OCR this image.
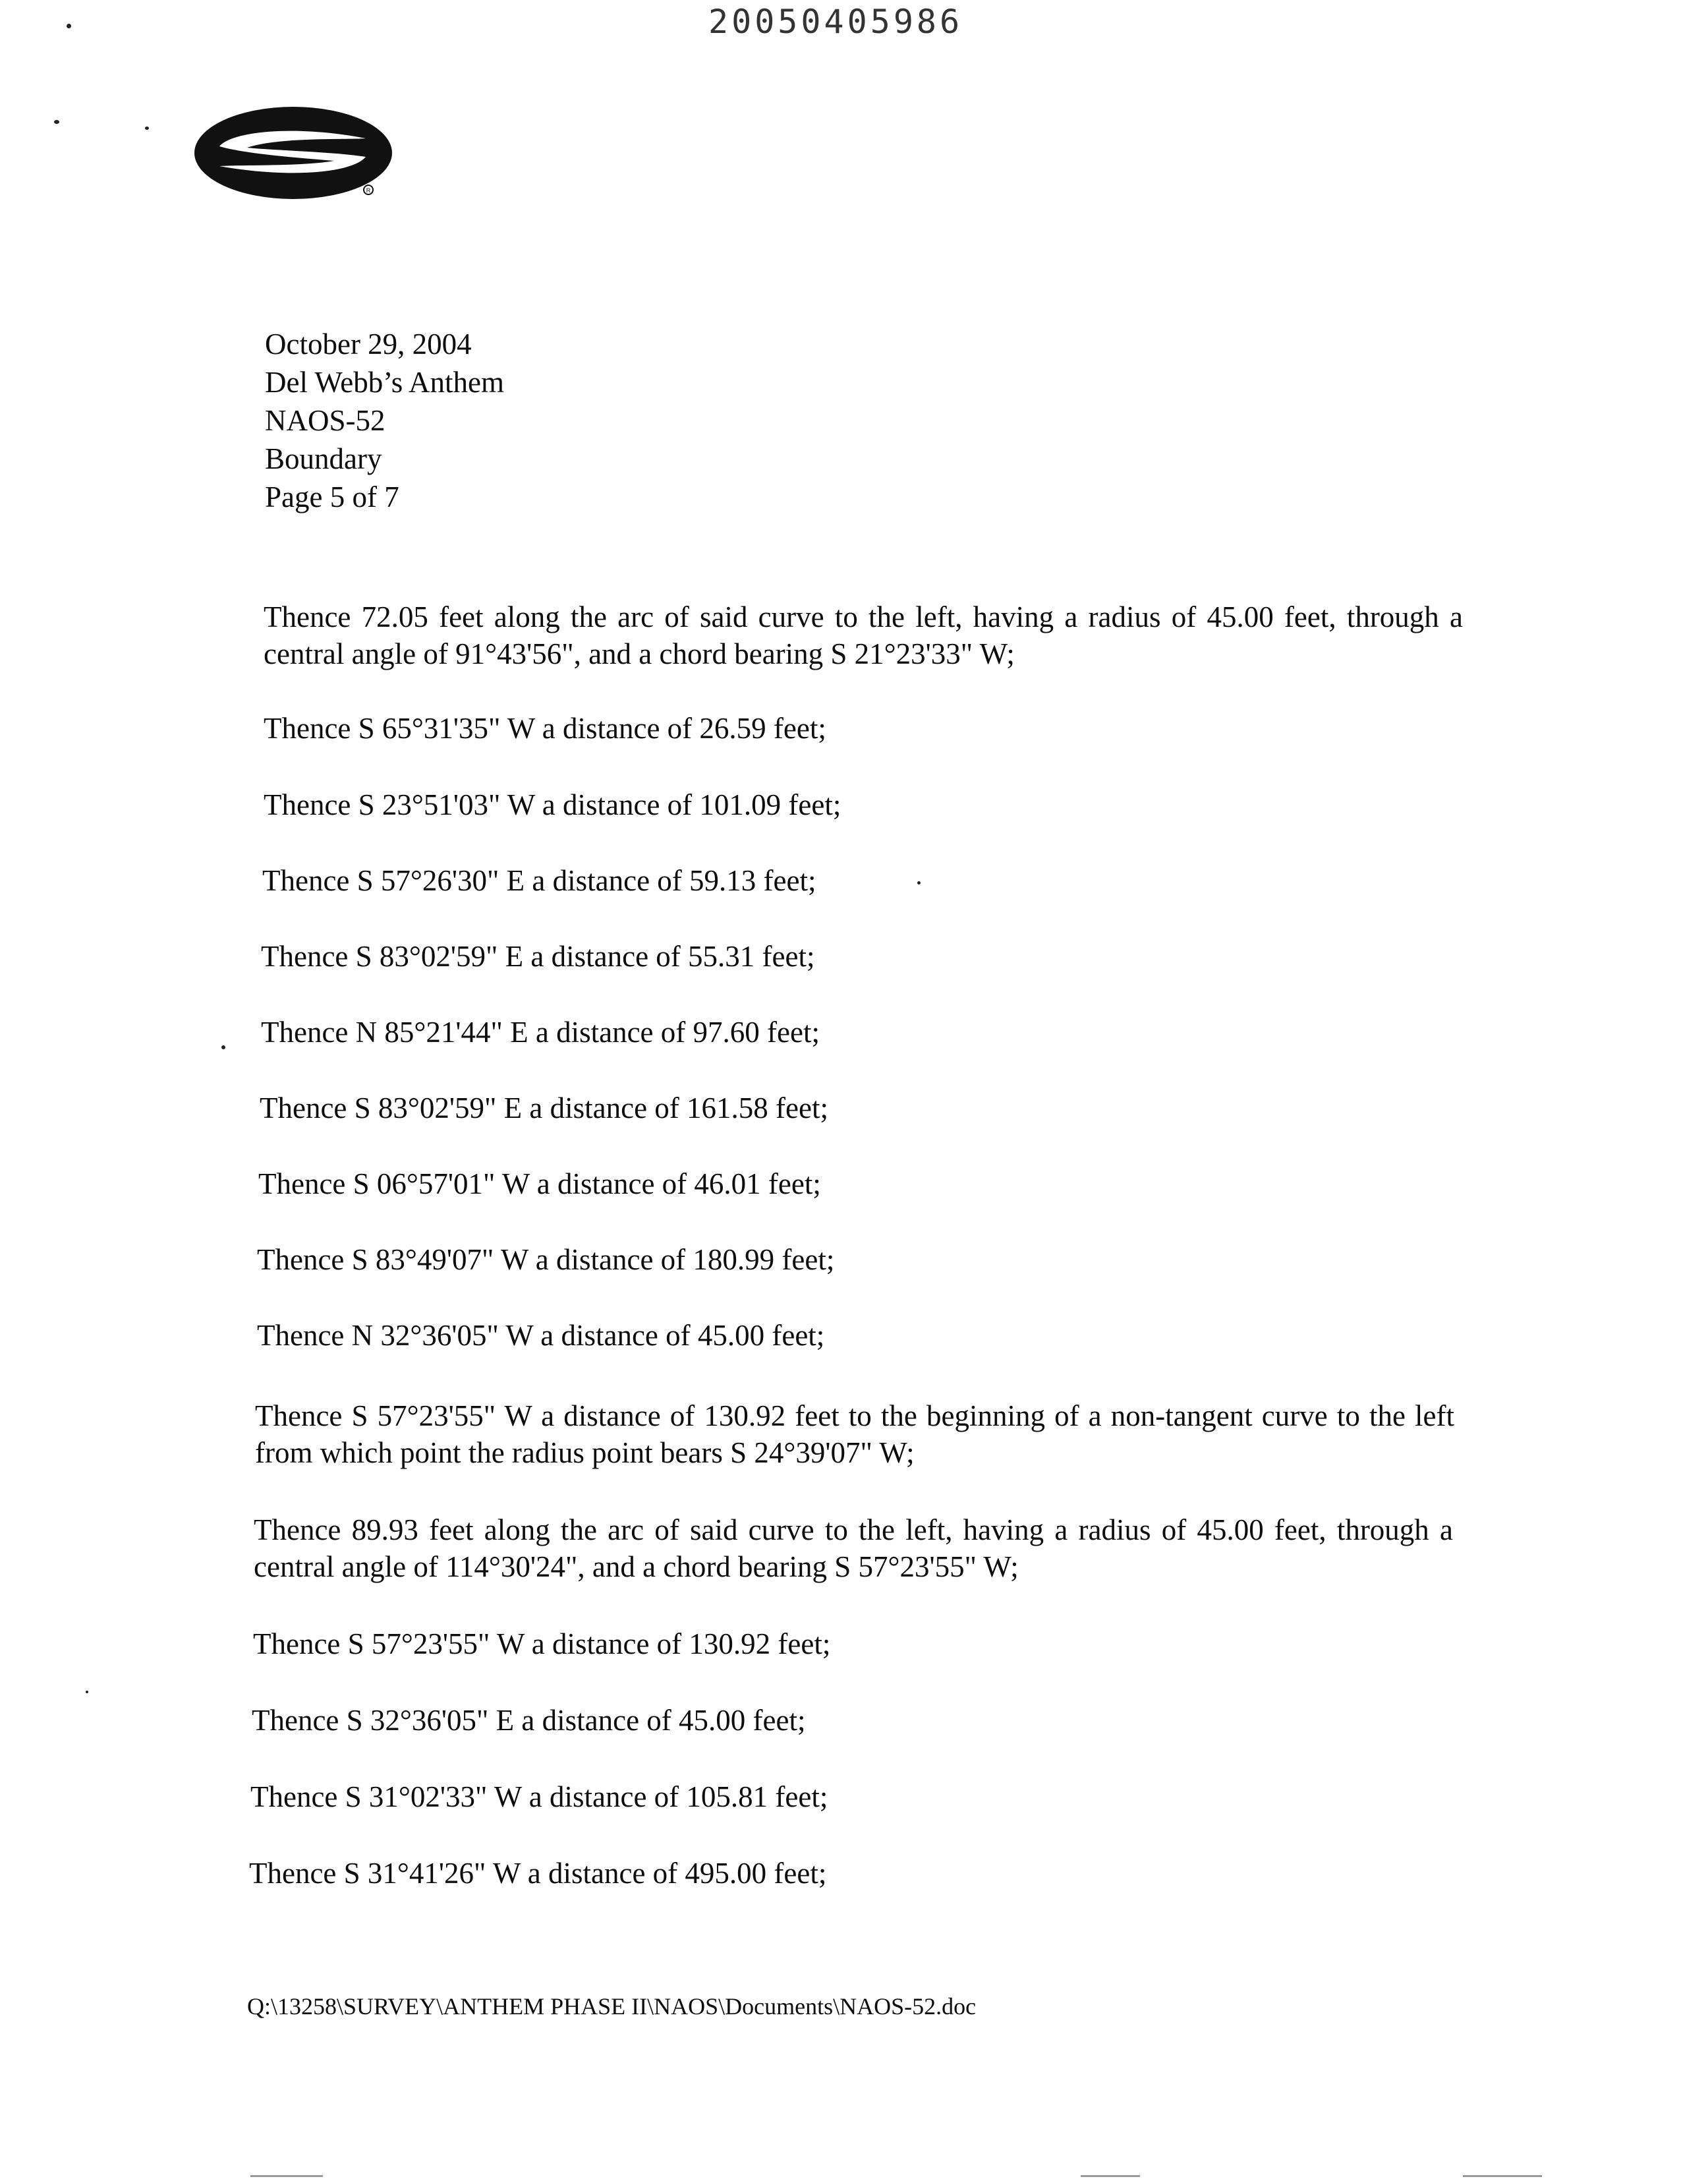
20050405986
R
October 29, 2004
Del Webb’s Anthem
NAOS-52
Boundary
Page 5 of 7
Thence 72.05 feet along the arc of said curve to the left, having a radius of 45.00 feet, through a central angle of 91°43'56", and a chord bearing S 21°23'33" W;
Thence S 65°31'35" W a distance of 26.59 feet;
Thence S 23°51'03" W a distance of 101.09 feet;
Thence S 57°26'30" E a distance of 59.13 feet;
Thence S 83°02'59" E a distance of 55.31 feet;
Thence N 85°21'44" E a distance of 97.60 feet;
Thence S 83°02'59" E a distance of 161.58 feet;
Thence S 06°57'01" W a distance of 46.01 feet;
Thence S 83°49'07" W a distance of 180.99 feet;
Thence N 32°36'05" W a distance of 45.00 feet;
Thence S 57°23'55" W a distance of 130.92 feet to the beginning of a non-tangent curve to the left from which point the radius point bears S 24°39'07" W;
Thence 89.93 feet along the arc of said curve to the left, having a radius of 45.00 feet, through a central angle of 114°30'24", and a chord bearing S 57°23'55" W;
Thence S 57°23'55" W a distance of 130.92 feet;
Thence S 32°36'05" E a distance of 45.00 feet;
Thence S 31°02'33" W a distance of 105.81 feet;
Thence S 31°41'26" W a distance of 495.00 feet;
Q:\13258\SURVEY\ANTHEM PHASE II\NAOS\Documents\NAOS-52.doc
